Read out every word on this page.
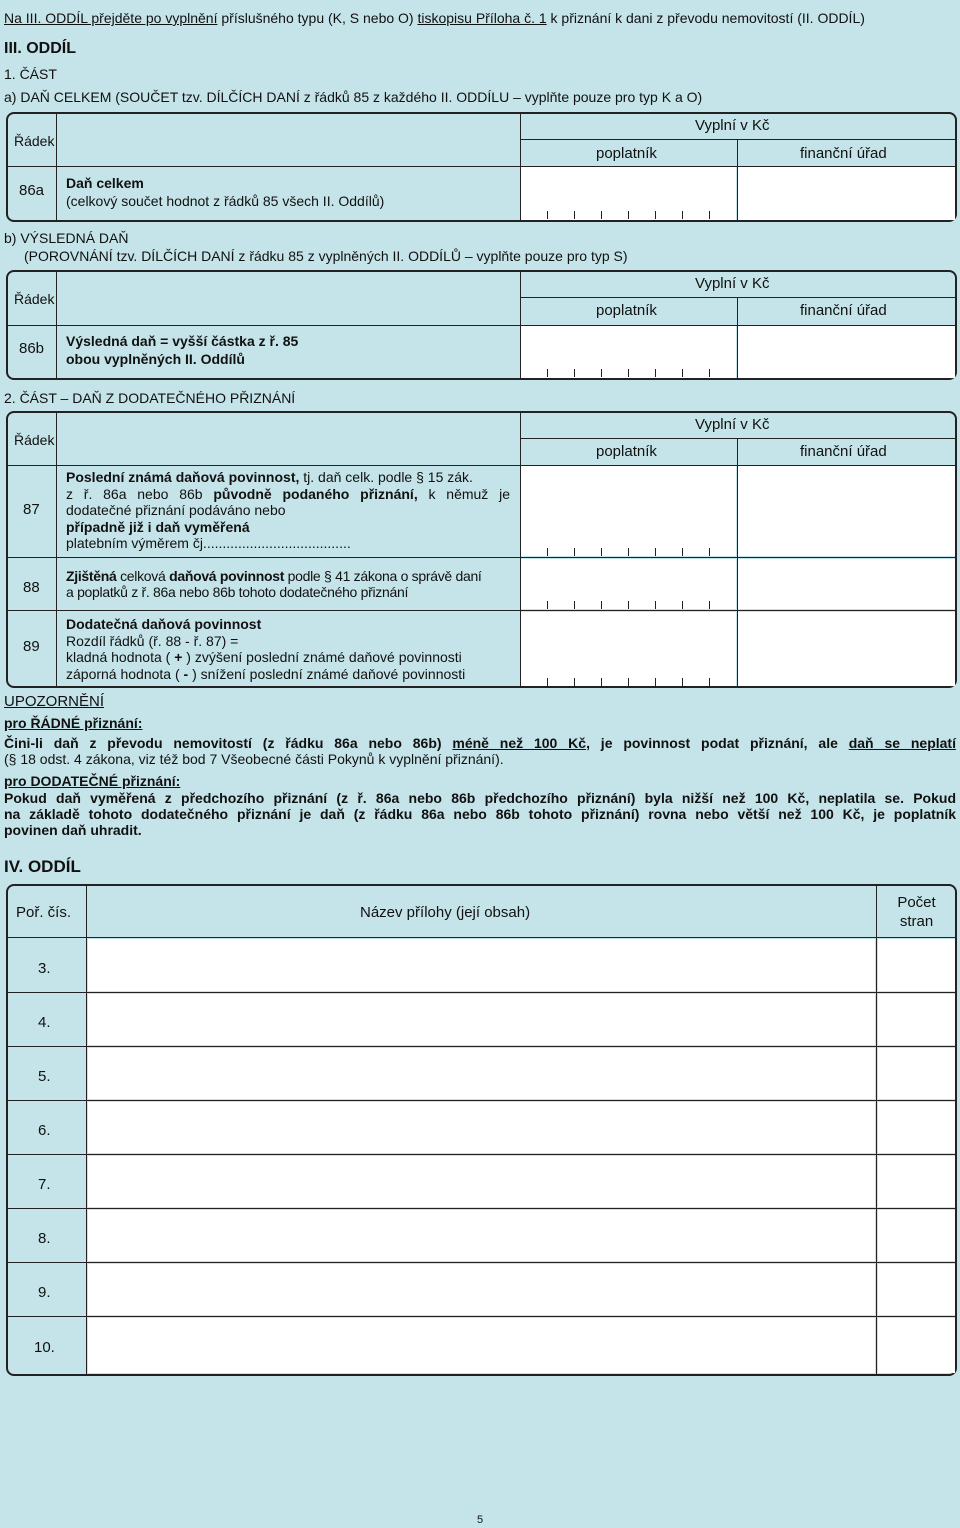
Na III. ODDÍL přejděte po vyplnění příslušného typu (K, S nebo O) tiskopisu Příloha č. 1 k přiznání k dani z převodu nemovitostí (II. ODDÍL)
III. ODDÍL
1. ČÁST
a) DAŇ CELKEM (SOUČET tzv. DÍLČÍCH DANÍ z řádků 85 z každého II. ODDÍLU – vyplňte pouze pro typ K a O)
Řádek
Vyplní v Kč
poplatník	finanční úřad
86a Daň celkem
(celkový součet hodnot z řádků 85 všech II. Oddílů)
b) VÝSLEDNÁ DAŇ
(POROVNÁNÍ tzv. DÍLČÍCH DANÍ z řádku 85 z vyplněných II. ODDÍLŮ – vyplňte pouze pro typ S)
Řádek
Vyplní v Kč
poplatník	finanční úřad
86b Výsledná daň = vyšší částka z ř. 85
obou vyplněných II. Oddílů
2. ČÁST – DAŇ Z DODATEČNÉHO PŘIZNÁNÍ
Řádek
Vyplní v Kč
poplatník	finanční úřad
87
Poslední známá daňová povinnost, tj. daň celk. podle § 15 zák.
z ř. 86a nebo 86b původně podaného přiznání, k němuž je
dodatečné přiznání podáváno nebo
případně již i daň vyměřená
platebním výměrem čj......................................
88
Zjištěná celková daňová povinnost podle § 41 zákona o správě daní
a poplatků z ř. 86a nebo 86b tohoto dodatečného přiznání
89
Dodatečná daňová povinnost
Rozdíl řádků (ř. 88 - ř. 87) =
kladná hodnota ( + ) zvýšení poslední známé daňové povinnosti
záporná hodnota ( - ) snížení poslední známé daňové povinnosti
UPOZORNĚNÍ
pro ŘÁDNÉ přiznání:
Čini-li daň z převodu nemovitostí (z řádku 86a nebo 86b) méně než 100 Kč, je povinnost podat přiznání, ale daň se neplatí
(§ 18 odst. 4 zákona, viz též bod 7 Všeobecné části Pokynů k vyplnění přiznání).
pro DODATEČNÉ přiznání:
Pokud daň vyměřená z předchozího přiznání (z ř. 86a nebo 86b předchozího přiznání) byla nižší než 100 Kč, neplatila se. Pokud
na základě tohoto dodatečného přiznání je daň (z řádku 86a nebo 86b tohoto přiznání) rovna nebo větší než 100 Kč, je poplatník
povinen daň uhradit.
IV. ODDÍL
Poř. čís.	Název přílohy (její obsah)
Počet
stran
3.
4.
5.
6.
7.
8.
9.
10.
5
